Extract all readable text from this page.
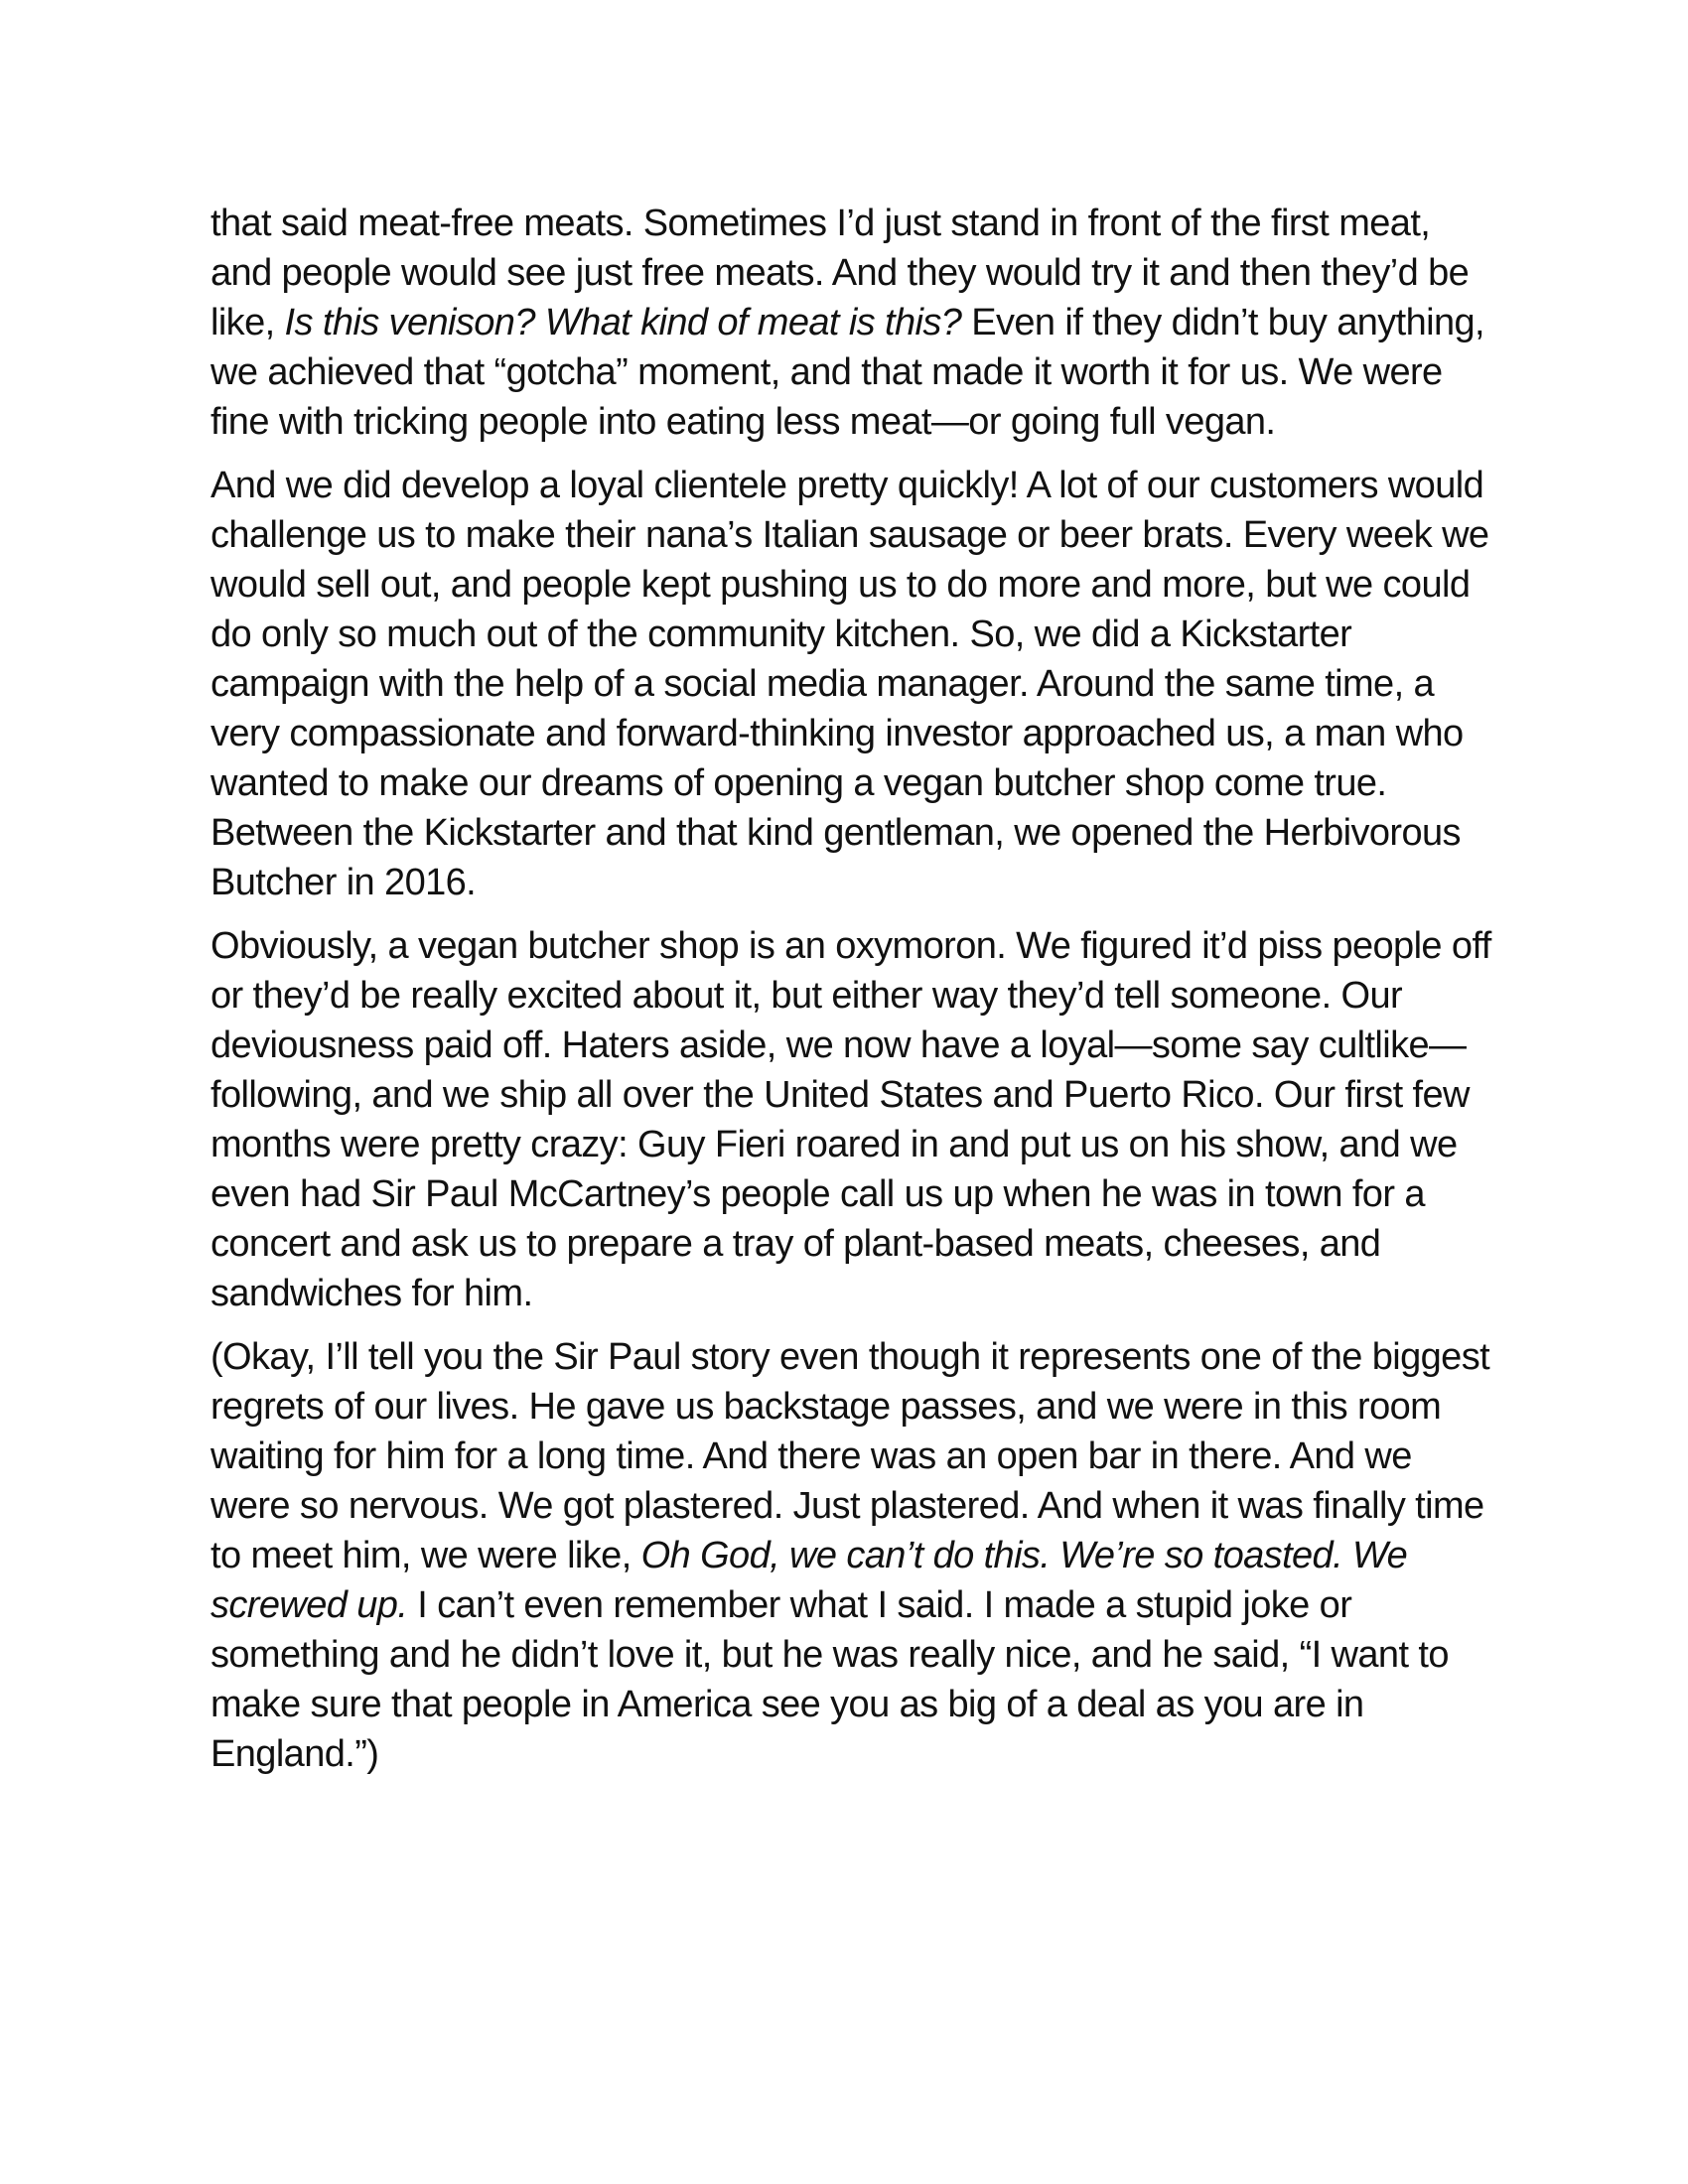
that said meat-free meats. Sometimes I’d just stand in front of the first meat, and people would see just free meats. And they would try it and then they’d be like, Is this venison? What kind of meat is this? Even if they didn’t buy anything, we achieved that “gotcha” moment, and that made it worth it for us. We were fine with tricking people into eating less meat—or going full vegan.

And we did develop a loyal clientele pretty quickly! A lot of our customers would challenge us to make their nana’s Italian sausage or beer brats. Every week we would sell out, and people kept pushing us to do more and more, but we could do only so much out of the community kitchen. So, we did a Kickstarter campaign with the help of a social media manager. Around the same time, a very compassionate and forward-thinking investor approached us, a man who wanted to make our dreams of opening a vegan butcher shop come true. Between the Kickstarter and that kind gentleman, we opened the Herbivorous Butcher in 2016.

Obviously, a vegan butcher shop is an oxymoron. We figured it’d piss people off or they’d be really excited about it, but either way they’d tell someone. Our deviousness paid off. Haters aside, we now have a loyal—some say cultlike—following, and we ship all over the United States and Puerto Rico. Our first few months were pretty crazy: Guy Fieri roared in and put us on his show, and we even had Sir Paul McCartney’s people call us up when he was in town for a concert and ask us to prepare a tray of plant-based meats, cheeses, and sandwiches for him.

(Okay, I’ll tell you the Sir Paul story even though it represents one of the biggest regrets of our lives. He gave us backstage passes, and we were in this room waiting for him for a long time. And there was an open bar in there. And we were so nervous. We got plastered. Just plastered. And when it was finally time to meet him, we were like, Oh God, we can’t do this. We’re so toasted. We screwed up. I can’t even remember what I said. I made a stupid joke or something and he didn’t love it, but he was really nice, and he said, “I want to make sure that people in America see you as big of a deal as you are in England.”)
